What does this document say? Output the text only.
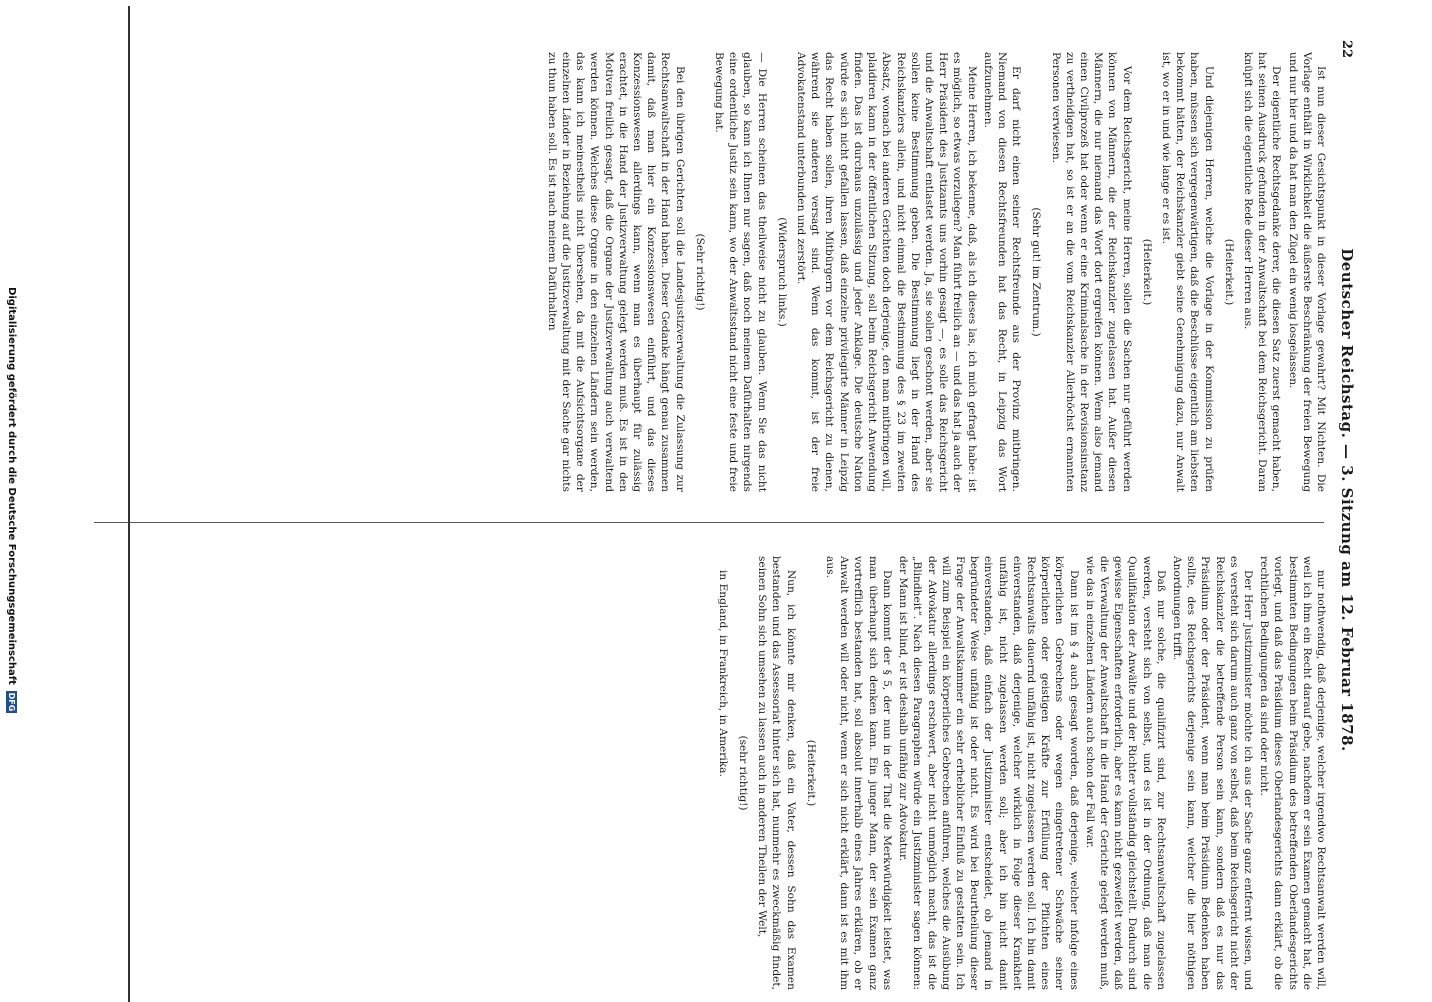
22
Deutscher Reichstag. — 3. Sitzung am 12. Februar 1878.

Ist nun dieser Gesichtspunkt in dieser Vorlage gewahrt? Mit Nichten. Die Vorlage enthält in Wirklichkeit die äußerste Beschränkung der freien Bewegung und nur hier und da hat man den Zügel ein wenig losgelassen.

Der eigentliche Rechtsgedanke derer, die diesen Satz zuerst gemacht haben, hat seinen Ausdruck gefunden in der Anwaltschaft bei dem Reichsgericht. Daran knüpft sich die eigentliche Rede dieser Herren aus.

(Heiterkeit.)

Und diejenigen Herren, welche die Vorlage in der Kommission zu prüfen haben, müssen sich vergegenwärtigen, daß die Beschlüsse eigentlich am liebsten bekommt hätten, der Reichskanzler giebt seine Genehmigung dazu, nur Anwalt ist, wo er in und wie lange er es ist.

(Heiterkeit.)

Vor dem Reichsgericht, meine Herren, sollen die Sachen nur geführt werden können von Männern, die der Reichskanzler zugelassen hat. Außer diesen Männern, die nur niemand das Wort dort ergreifen können. Wenn also jemand einen Civilprozeß hat oder wenn er eine Kriminalsache in der Revisionsinstanz zu vertheidigen hat, so ist er an die vom Reichskanzler Allerhöchst ernannten Personen verwiesen.

(Sehr gut! im Zentrum.)

Er darf nicht einen seiner Rechtsfreunde aus der Provinz mitbringen. Niemand von diesen Rechtsfreunden hat das Recht, in Leipzig das Wort aufzunehmen.

Meine Herren, ich bekenne, daß, als ich dieses las, ich mich gefragt habe: ist es möglich, so etwas vorzulegen? Man führt freilich an — und das hat ja auch der Herr Präsident des Justizamts uns vorhin gesagt —, es solle das Reichsgericht und die Anwaltschaft entlastet werden. Ja, sie sollen geschont werden, aber sie sollen keine Bestimmung geben. Die Bestimmung liegt in der Hand des Reichskanzlers allein, und nicht einmal die Bestimmung des § 23 im zweiten Absatz, wonach bei anderen Gerichten doch derjenige, den man mitbringen will, plaidiren kann in der öffentlichen Sitzung, soll beim Reichsgericht Anwendung finden. Das ist durchaus unzulässig und jeder Anklage. Die deutsche Nation würde es sich nicht gefallen lassen, daß einzelne privilegirte Männer in Leipzig das Recht haben sollen, ihren Mitbürgern vor dem Reichsgericht zu dienen, während sie anderen versagt sind. Wenn das kommt, ist der freie Advokatenstand unterbunden und zerstört.

(Widerspruch links.)

— Die Herren scheinen das theilweise nicht zu glauben. Wenn Sie das nicht glauben, so kann ich Ihnen nur sagen, daß noch meinem Dafürhalten nirgends eine ordentliche Justiz sein kann, wo der Anwaltsstand nicht eine feste und freie Bewegung hat.

(Sehr richtig!)

Bei den übrigen Gerichten soll die Landesjustizverwaltung die Zulassung zur Rechtsanwaltschaft in der Hand haben. Dieser Gedanke hängt genau zusammen damit, daß man hier ein Konzessionswesen einführt, und das dieses Konzessionswesen allerdings kann, wenn man es überhaupt für zulässig erachtet, in die Hand der Justizverwaltung gelegt werden muß. Es ist in den Motiven freilich gesagt, daß die Organe der Justizverwaltung auch verwaltend werden können. Welches diese Organe in den einzelnen Ländern sein werden, das kann ich meinestheils nicht übersehen, da mit die Aufsichtsorgane der einzelnen Länder in Beziehung auf die Justizverwaltung mit der Sache gar nichts zu thun haben soll. Es ist nach meinem Dafürhalten

nur nothwendig, daß derjenige, welcher irgendwo Rechtsanwalt werden will, weil ich ihm ein Recht darauf gebe, nachdem er sein Examen gemacht hat, die bestimmten Bedingungen beim Präsidium des betreffenden Oberlandesgerichts vorlegt, und daß das Präsidium dieses Oberlandesgerichts dann erklärt, ob die rechtlichen Bedingungen da sind oder nicht.

Der Herr Justizminister möchte ich aus der Sache ganz entfernt wissen, und es versteht sich darum auch ganz von selbst, daß beim Reichsgericht nicht der Reichskanzler die betreffende Person sein kann, sondern daß es nur das Präsidium oder der Präsident, wenn man beim Präsidium Bedenken haben sollte, des Reichsgerichts derjenige sein kann, welcher die hier nöthigen Anordnungen trifft.

Daß nur solche, die qualifizirt sind, zur Rechtsanwaltschaft zugelassen werden, versteht sich von selbst, und es ist in der Ordnung, daß man die Qualifikation der Anwälte und der Richter vollständig gleichstellt. Dadurch sind gewisse Eigenschaften erforderlich, aber es kann nicht gezweifelt werden, daß die Verwaltung der Anwaltschaft in die Hand der Gerichte gelegt werden muß, wie das in einzelnen Ländern auch schon der Fall war.

Dann ist im § 4 auch gesagt worden, daß derjenige, welcher infolge eines körperlichen Gebrechens oder wegen eingetretener Schwäche seiner körperlichen oder geistigen Kräfte zur Erfüllung der Pflichten eines Rechtsanwalts dauernd unfähig ist, nicht zugelassen werden soll. Ich bin damit einverstanden, daß derjenige, welcher wirklich in Folge dieser Krankheit unfähig ist, nicht zugelassen werden soll; aber ich bin nicht damit einverstanden, daß einfach der Justizminister entscheidet, ob jemand in begründeter Weise unfähig ist oder nicht. Es wird bei Beurtheilung dieser Frage der Anwaltskammer ein sehr erheblicher Einfluß zu gestatten sein. Ich will zum Beispiel ein körperliches Gebrechen anführen, welches die Ausübung der Advokatur allerdings erschwert, aber nicht unmöglich macht, das ist die „Blindheit“. Nach diesen Paragraphen würde ein Justizminister sagen können: der Mann ist blind, er ist deshalb unfähig zur Advokatur.

Dann kommt der § 5, der nun in der That die Merkwürdigkeit leistet, was man überhaupt sich denken kann. Ein junger Mann, der sein Examen ganz vortrefflich bestanden hat, soll absolut innerhalb eines Jahres erklären, ob er Anwalt werden will oder nicht, wenn er sich nicht erklärt, dann ist es mit ihm aus.

(Heiterkeit.)

Nun, ich könnte mir denken, daß ein Vater, dessen Sohn das Examen bestanden und das Assessoriat hinter sich hat, nunmehr es zweckmäßig findet, seinen Sohn sich umsehen zu lassen auch in anderen Theilen der Welt,

(sehr richtig!)

in England, in Frankreich, in Amerika.

Digitalisierung gefördert durch die Deutsche Forschungsgemeinschaft
DFG
